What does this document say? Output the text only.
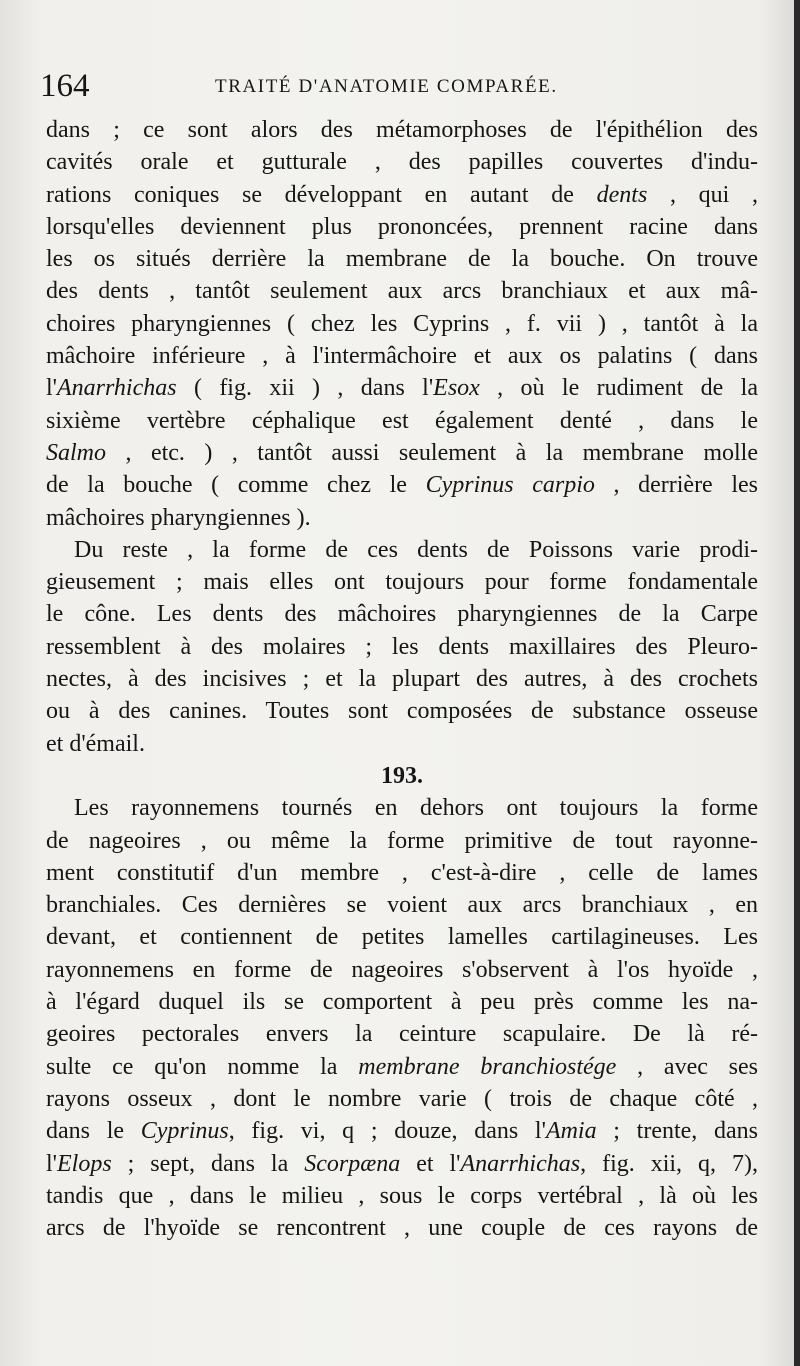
164	TRAITÉ D'ANATOMIE COMPARÉE.
dans ; ce sont alors des métamorphoses de l'épithélion des
cavités orale et gutturale , des papilles couvertes d'indu-
rations coniques se développant en autant de dents , qui ,
lorsqu'elles deviennent plus prononcées, prennent racine dans
les os situés derrière la membrane de la bouche. On trouve
des dents , tantôt seulement aux arcs branchiaux et aux mâ-
choires pharyngiennes ( chez les Cyprins , f. vii ) , tantôt à la
mâchoire inférieure , à l'intermâchoire et aux os palatins ( dans
l'Anarrhichas ( fig. xii ) , dans l'Esox , où le rudiment de la
sixième vertèbre céphalique est également denté , dans le
Salmo , etc. ) , tantôt aussi seulement à la membrane molle
de la bouche ( comme chez le Cyprinus carpio , derrière les
mâchoires pharyngiennes ).
Du reste , la forme de ces dents de Poissons varie prodi-
gieusement ; mais elles ont toujours pour forme fondamentale
le cône. Les dents des mâchoires pharyngiennes de la Carpe
ressemblent à des molaires ; les dents maxillaires des Pleuro-
nectes, à des incisives ; et la plupart des autres, à des crochets
ou à des canines. Toutes sont composées de substance osseuse
et d'émail.
193.
Les rayonnemens tournés en dehors ont toujours la forme
de nageoires , ou même la forme primitive de tout rayonne-
ment constitutif d'un membre , c'est-à-dire , celle de lames
branchiales. Ces dernières se voient aux arcs branchiaux , en
devant, et contiennent de petites lamelles cartilagineuses. Les
rayonnemens en forme de nageoires s'observent à l'os hyoïde ,
à l'égard duquel ils se comportent à peu près comme les na-
geoires pectorales envers la ceinture scapulaire. De là ré-
sulte ce qu'on nomme la membrane branchiostége , avec ses
rayons osseux , dont le nombre varie ( trois de chaque côté ,
dans le Cyprinus, fig. vi, q ; douze, dans l'Amia ; trente, dans
l'Elops ; sept, dans la Scorpæna et l'Anarrhichas, fig. xii, q, 7),
tandis que , dans le milieu , sous le corps vertébral , là où les
arcs de l'hyoïde se rencontrent , une couple de ces rayons de
